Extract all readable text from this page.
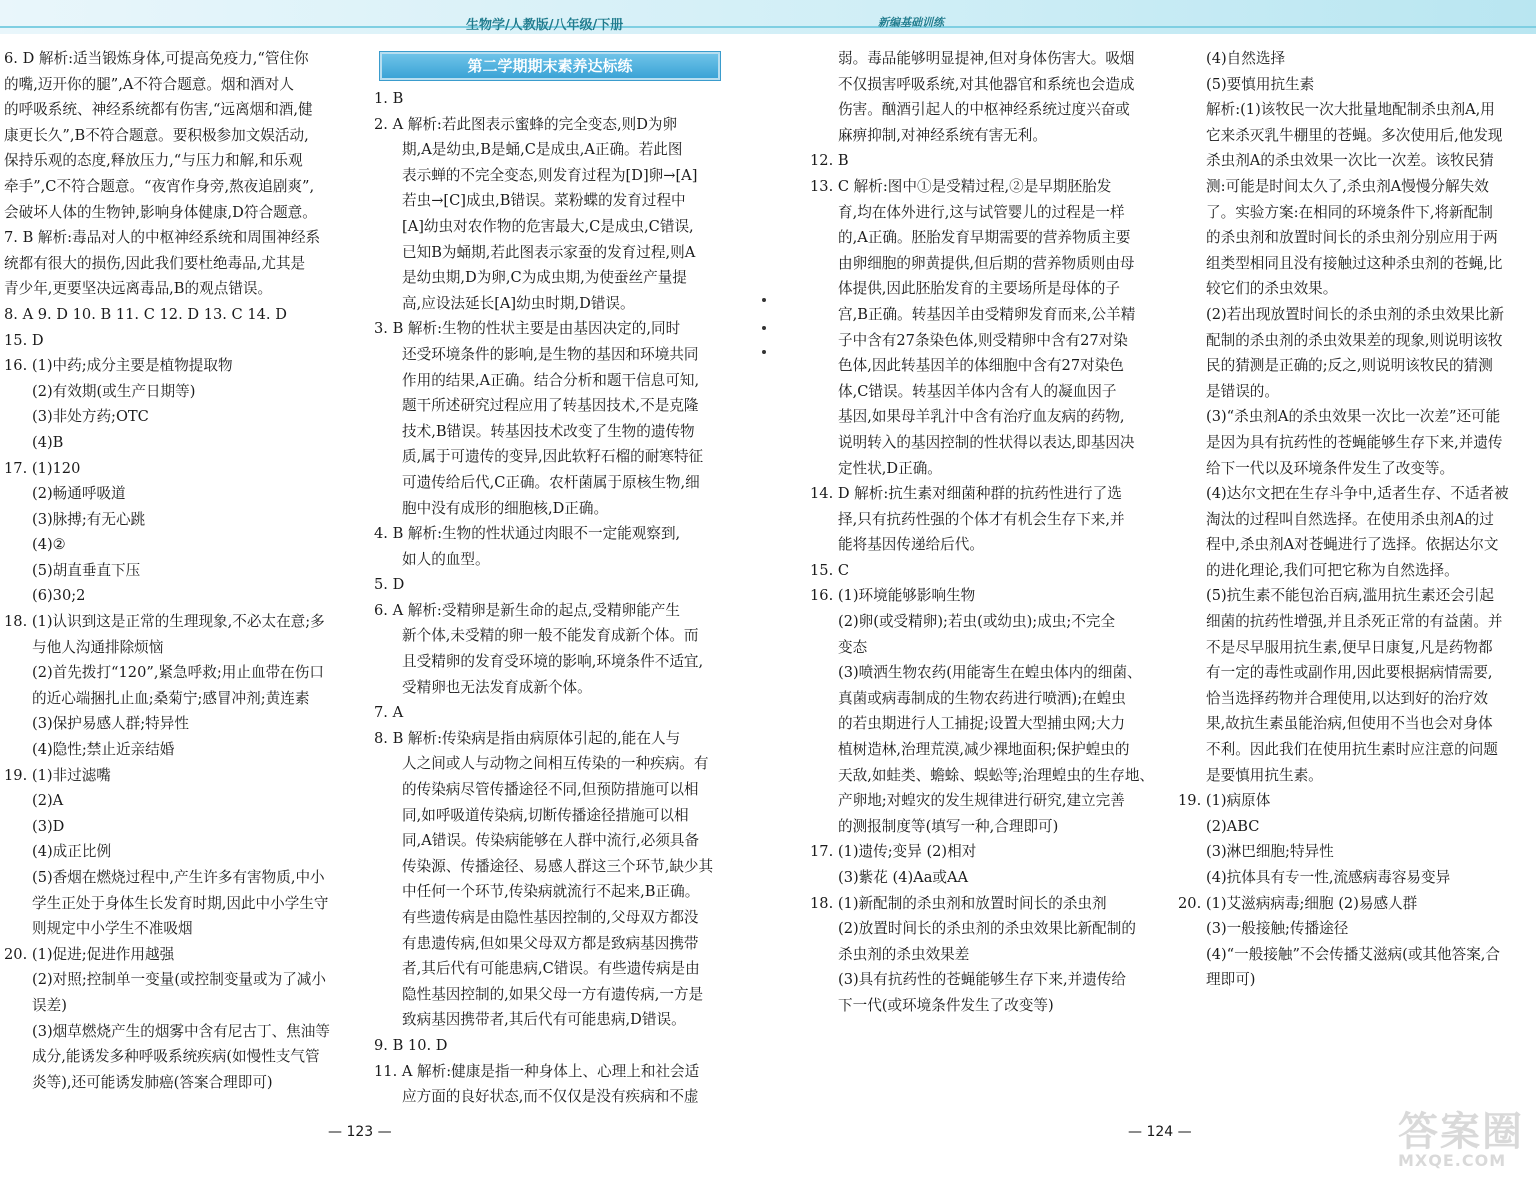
生物学/人教版/八年级/下册	新编基础训练

6. D 解析:适当锻炼身体,可提高免疫力,“管住你

的嘴,迈开你的腿”,A不符合题意。烟和酒对人

的呼吸系统、神经系统都有伤害,“远离烟和酒,健

康更长久”,B不符合题意。要积极参加文娱活动,

保持乐观的态度,释放压力,“与压力和解,和乐观

牵手”,C不符合题意。“夜宵作身旁,熬夜追剧爽”,

会破坏人体的生物钟,影响身体健康,D符合题意。

7. B 解析:毒品对人的中枢神经系统和周围神经系

统都有很大的损伤,因此我们要杜绝毒品,尤其是

青少年,更要坚决远离毒品,B的观点错误。

8. A 9. D 10. B 11. C 12. D 13. C 14. D

15. D

16. (1)中药;成分主要是植物提取物

(2)有效期(或生产日期等)

(3)非处方药;OTC

(4)B

17. (1)120

(2)畅通呼吸道

(3)脉搏;有无心跳

(4)②

(5)胡直垂直下压

(6)30;2

18. (1)认识到这是正常的生理现象,不必太在意;多

与他人沟通排除烦恼

(2)首先拨打“120”,紧急呼救;用止血带在伤口

的近心端捆扎止血;桑菊宁;感冒冲剂;黄连素

(3)保护易感人群;特异性

(4)隐性;禁止近亲结婚

19. (1)非过滤嘴

(2)A

(3)D

(4)成正比例

(5)香烟在燃烧过程中,产生许多有害物质,中小

学生正处于身体生长发育时期,因此中小学生守

则规定中小学生不准吸烟

20. (1)促进;促进作用越强

(2)对照;控制单一变量(或控制变量或为了减小

误差)

(3)烟草燃烧产生的烟雾中含有尼古丁、焦油等

成分,能诱发多种呼吸系统疾病(如慢性支气管

炎等),还可能诱发肺癌(答案合理即可)

第二学期期末素养达标练

1. B

2. A 解析:若此图表示蜜蜂的完全变态,则D为卵

期,A是幼虫,B是蛹,C是成虫,A正确。若此图

表示蝉的不完全变态,则发育过程为[D]卵→[A]

若虫→[C]成虫,B错误。菜粉蝶的发育过程中

[A]幼虫对农作物的危害最大,C是成虫,C错误,

已知B为蛹期,若此图表示家蚕的发育过程,则A

是幼虫期,D为卵,C为成虫期,为使蚕丝产量提

高,应设法延长[A]幼虫时期,D错误。

3. B 解析:生物的性状主要是由基因决定的,同时

还受环境条件的影响,是生物的基因和环境共同

作用的结果,A正确。结合分析和题干信息可知,

题干所述研究过程应用了转基因技术,不是克隆

技术,B错误。转基因技术改变了生物的遗传物

质,属于可遗传的变异,因此软籽石榴的耐寒特征

可遗传给后代,C正确。农杆菌属于原核生物,细

胞中没有成形的细胞核,D正确。

4. B 解析:生物的性状通过肉眼不一定能观察到,

如人的血型。

5. D

6. A 解析:受精卵是新生命的起点,受精卵能产生

新个体,未受精的卵一般不能发育成新个体。而

且受精卵的发育受环境的影响,环境条件不适宜,

受精卵也无法发育成新个体。

7. A

8. B 解析:传染病是指由病原体引起的,能在人与

人之间或人与动物之间相互传染的一种疾病。有

的传染病尽管传播途径不同,但预防措施可以相

同,如呼吸道传染病,切断传播途径措施可以相

同,A错误。传染病能够在人群中流行,必须具备

传染源、传播途径、易感人群这三个环节,缺少其

中任何一个环节,传染病就流行不起来,B正确。

有些遗传病是由隐性基因控制的,父母双方都没

有患遗传病,但如果父母双方都是致病基因携带

者,其后代有可能患病,C错误。有些遗传病是由

隐性基因控制的,如果父母一方有遗传病,一方是

致病基因携带者,其后代有可能患病,D错误。

9. B 10. D

11. A 解析:健康是指一种身体上、心理上和社会适

应方面的良好状态,而不仅仅是没有疾病和不虚

弱。毒品能够明显提神,但对身体伤害大。吸烟

不仅损害呼吸系统,对其他器官和系统也会造成

伤害。酗酒引起人的中枢神经系统过度兴奋或

麻痹抑制,对神经系统有害无利。

12. B

13. C 解析:图中①是受精过程,②是早期胚胎发

育,均在体外进行,这与试管婴儿的过程是一样

的,A正确。胚胎发育早期需要的营养物质主要

由卵细胞的卵黄提供,但后期的营养物质则由母

体提供,因此胚胎发育的主要场所是母体的子

宫,B正确。转基因羊由受精卵发育而来,公羊精

子中含有27条染色体,则受精卵中含有27对染

色体,因此转基因羊的体细胞中含有27对染色

体,C错误。转基因羊体内含有人的凝血因子

基因,如果母羊乳汁中含有治疗血友病的药物,

说明转入的基因控制的性状得以表达,即基因决

定性状,D正确。

14. D 解析:抗生素对细菌种群的抗药性进行了选

择,只有抗药性强的个体才有机会生存下来,并

能将基因传递给后代。

15. C

16. (1)环境能够影响生物

(2)卵(或受精卵);若虫(或幼虫);成虫;不完全

变态

(3)喷洒生物农药(用能寄生在蝗虫体内的细菌、

真菌或病毒制成的生物农药进行喷洒);在蝗虫

的若虫期进行人工捕捉;设置大型捕虫网;大力

植树造林,治理荒漠,减少裸地面积;保护蝗虫的

天敌,如蛙类、蟾蜍、蜈蚣等;治理蝗虫的生存地、

产卵地;对蝗灾的发生规律进行研究,建立完善

的测报制度等(填写一种,合理即可)

17. (1)遗传;变异 (2)相对

(3)紫花 (4)Aa或AA

18. (1)新配制的杀虫剂和放置时间长的杀虫剂

(2)放置时间长的杀虫剂的杀虫效果比新配制的

杀虫剂的杀虫效果差

(3)具有抗药性的苍蝇能够生存下来,并遗传给

下一代(或环境条件发生了改变等)

(4)自然选择

(5)要慎用抗生素

解析:(1)该牧民一次大批量地配制杀虫剂A,用

它来杀灭乳牛棚里的苍蝇。多次使用后,他发现

杀虫剂A的杀虫效果一次比一次差。该牧民猜

测:可能是时间太久了,杀虫剂A慢慢分解失效

了。实验方案:在相同的环境条件下,将新配制

的杀虫剂和放置时间长的杀虫剂分别应用于两

组类型相同且没有接触过这种杀虫剂的苍蝇,比

较它们的杀虫效果。

(2)若出现放置时间长的杀虫剂的杀虫效果比新

配制的杀虫剂的杀虫效果差的现象,则说明该牧

民的猜测是正确的;反之,则说明该牧民的猜测

是错误的。

(3)“杀虫剂A的杀虫效果一次比一次差”还可能

是因为具有抗药性的苍蝇能够生存下来,并遗传

给下一代以及环境条件发生了改变等。

(4)达尔文把在生存斗争中,适者生存、不适者被

淘汰的过程叫自然选择。在使用杀虫剂A的过

程中,杀虫剂A对苍蝇进行了选择。依据达尔文

的进化理论,我们可把它称为自然选择。

(5)抗生素不能包治百病,滥用抗生素还会引起

细菌的抗药性增强,并且杀死正常的有益菌。并

不是尽早服用抗生素,便早日康复,凡是药物都

有一定的毒性或副作用,因此要根据病情需要,

恰当选择药物并合理使用,以达到好的治疗效

果,故抗生素虽能治病,但使用不当也会对身体

不利。因此我们在使用抗生素时应注意的问题

是要慎用抗生素。

19. (1)病原体

(2)ABC

(3)淋巴细胞;特异性

(4)抗体具有专一性,流感病毒容易变异

20. (1)艾滋病病毒;细胞 (2)易感人群

(3)一般接触;传播途径

(4)“一般接触”不会传播艾滋病(或其他答案,合

理即可)

— 123 —	— 124 —	答案圈
MXQE.COM
